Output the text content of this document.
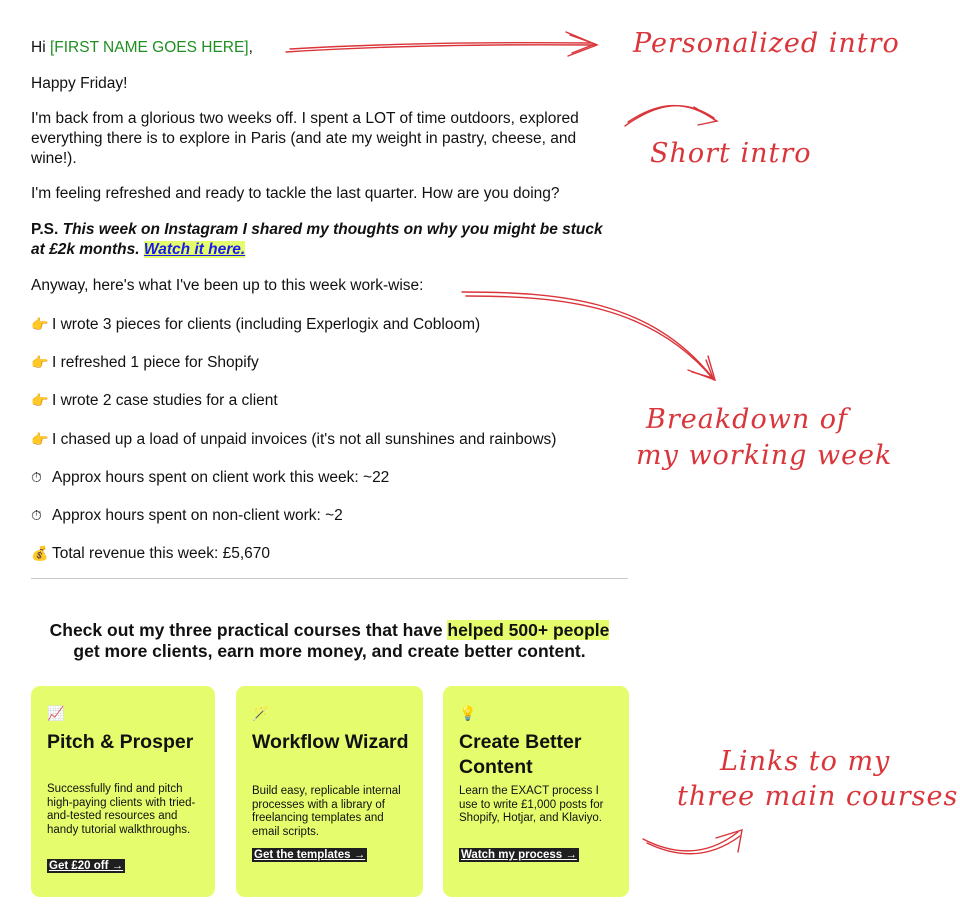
Hi [FIRST NAME GOES HERE],

Happy Friday!

I'm back from a glorious two weeks off. I spent a LOT of time outdoors, explored

everything there is to explore in Paris (and ate my weight in pastry, cheese, and

wine!).

I'm feeling refreshed and ready to tackle the last quarter. How are you doing?

P.S. This week on Instagram I shared my thoughts on why you might be stuck

at £2k months. Watch it here.

Anyway, here's what I've been up to this week work-wise:

👉 I wrote 3 pieces for clients (including Experlogix and Cobloom)

👉 I refreshed 1 piece for Shopify

👉 I wrote 2 case studies for a client

👉 I chased up a load of unpaid invoices (it's not all sunshines and rainbows)

⏱ Approx hours spent on client work this week: ~22

⏱ Approx hours spent on non-client work: ~2

💰 Total revenue this week: £5,670

Check out my three practical courses that have helped 500+ people
get more clients, earn more money, and create better content.
📈
Pitch & Prosper
Successfully find and pitch high-paying clients with tried-and-tested resources and handy tutorial walkthroughs.
Get £20 off →
🪄
Workflow Wizard
Build easy, replicable internal processes with a library of freelancing templates and email scripts.
Get the templates →
💡
Create Better Content
Learn the EXACT process I use to write £1,000 posts for Shopify, Hotjar, and Klaviyo.
Watch my process →
Personalized intro
Short intro
Breakdown of
my working week
Links to my
three main courses
